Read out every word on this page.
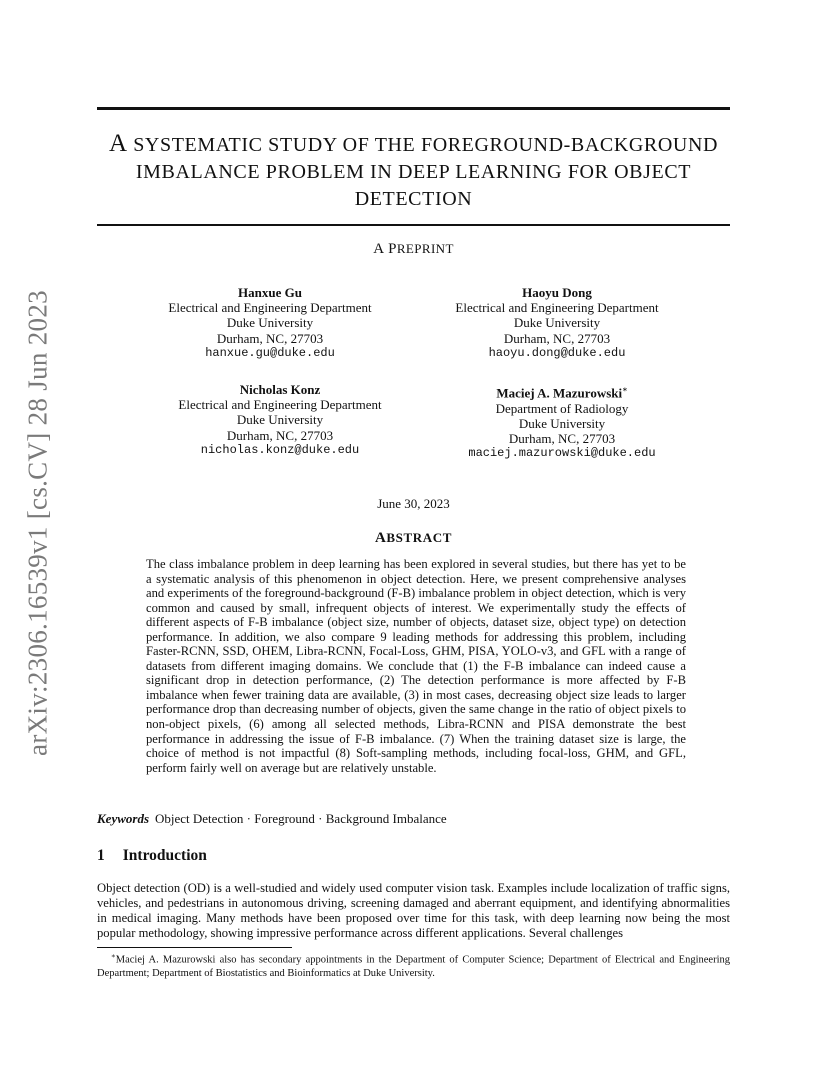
arXiv:2306.16539v1 [cs.CV] 28 Jun 2023
A SYSTEMATIC STUDY OF THE FOREGROUND-BACKGROUND
IMBALANCE PROBLEM IN DEEP LEARNING FOR OBJECT
DETECTION
A PREPRINT
Hanxue Gu
Electrical and Engineering Department
Duke University
Durham, NC, 27703
hanxue.gu@duke.edu
Haoyu Dong
Electrical and Engineering Department
Duke University
Durham, NC, 27703
haoyu.dong@duke.edu
Nicholas Konz
Electrical and Engineering Department
Duke University
Durham, NC, 27703
nicholas.konz@duke.edu
Maciej A. Mazurowski∗
Department of Radiology
Duke University
Durham, NC, 27703
maciej.mazurowski@duke.edu
June 30, 2023
ABSTRACT

The class imbalance problem in deep learning has been explored in several studies, but there has yet to be a systematic analysis of this phenomenon in object detection. Here, we present comprehensive analyses and experiments of the foreground-background (F-B) imbalance problem in object detection, which is very common and caused by small, infrequent objects of interest. We experimentally study the effects of different aspects of F-B imbalance (object size, number of objects, dataset size, object type) on detection performance. In addition, we also compare 9 leading methods for addressing this problem, including Faster-RCNN, SSD, OHEM, Libra-RCNN, Focal-Loss, GHM, PISA, YOLO-v3, and GFL with a range of datasets from different imaging domains. We conclude that (1) the F-B imbalance can indeed cause a significant drop in detection performance, (2) The detection performance is more affected by F-B imbalance when fewer training data are available, (3) in most cases, decreasing object size leads to larger performance drop than decreasing number of objects, given the same change in the ratio of object pixels to non-object pixels, (6) among all selected methods, Libra-RCNN and PISA demonstrate the best performance in addressing the issue of F-B imbalance. (7) When the training dataset size is large, the choice of method is not impactful (8) Soft-sampling methods, including focal-loss, GHM, and GFL, perform fairly well on average but are relatively unstable.

Keywords Object Detection · Foreground · Background Imbalance
1 Introduction

Object detection (OD) is a well-studied and widely used computer vision task. Examples include localization of traffic signs, vehicles, and pedestrians in autonomous driving, screening damaged and aberrant equipment, and identifying abnormalities in medical imaging. Many methods have been proposed over time for this task, with deep learning now being the most popular methodology, showing impressive performance across different applications. Several challenges

∗Maciej A. Mazurowski also has secondary appointments in the Department of Computer Science; Department of Electrical and Engineering Department; Department of Biostatistics and Bioinformatics at Duke University.
